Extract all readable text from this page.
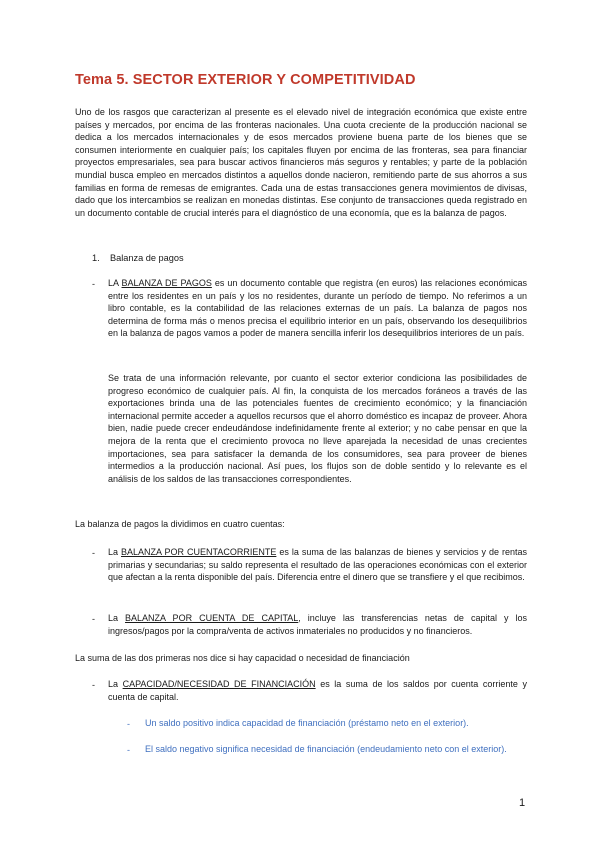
Tema 5. SECTOR EXTERIOR Y COMPETITIVIDAD

Uno de los rasgos que caracterizan al presente es el elevado nivel de integración económica que existe entre países y mercados, por encima de las fronteras nacionales. Una cuota creciente de la producción nacional se dedica a los mercados internacionales y de esos mercados proviene buena parte de los bienes que se consumen interiormente en cualquier país; los capitales fluyen por encima de las fronteras, sea para financiar proyectos empresariales, sea para buscar activos financieros más seguros y rentables; y parte de la población mundial busca empleo en mercados distintos a aquellos donde nacieron, remitiendo parte de sus ahorros a sus familias en forma de remesas de emigrantes. Cada una de estas transacciones genera movimientos de divisas, dado que los intercambios se realizan en monedas distintas. Ese conjunto de transacciones queda registrado en un documento contable de crucial interés para el diagnóstico de una economía, que es la balanza de pagos.

1. Balanza de pagos
- LA BALANZA DE PAGOS es un documento contable que registra (en euros) las relaciones económicas entre los residentes en un país y los no residentes, durante un período de tiempo. No referimos a un libro contable, es la contabilidad de las relaciones externas de un país. La balanza de pagos nos determina de forma más o menos precisa el equilibrio interior en un país, observando los desequilibrios en la balanza de pagos vamos a poder de manera sencilla inferir los desequilibrios interiores de un país.

Se trata de una información relevante, por cuanto el sector exterior condiciona las posibilidades de progreso económico de cualquier país. Al fin, la conquista de los mercados foráneos a través de las exportaciones brinda una de las potenciales fuentes de crecimiento económico; y la financiación internacional permite acceder a aquellos recursos que el ahorro doméstico es incapaz de proveer. Ahora bien, nadie puede crecer endeudándose indefinidamente frente al exterior; y no cabe pensar en que la mejora de la renta que el crecimiento provoca no lleve aparejada la necesidad de unas crecientes importaciones, sea para satisfacer la demanda de los consumidores, sea para proveer de bienes intermedios a la producción nacional. Así pues, los flujos son de doble sentido y lo relevante es el análisis de los saldos de las transacciones correspondientes.

La balanza de pagos la dividimos en cuatro cuentas:

- La BALANZA POR CUENTACORRIENTE es la suma de las balanzas de bienes y servicios y de rentas primarias y secundarias; su saldo representa el resultado de las operaciones económicas con el exterior que afectan a la renta disponible del país. Diferencia entre el dinero que se transfiere y el que recibimos.

- La BALANZA POR CUENTA DE CAPITAL, incluye las transferencias netas de capital y los ingresos/pagos por la compra/venta de activos inmateriales no producidos y no financieros.

La suma de las dos primeras nos dice si hay capacidad o necesidad de financiación

- La CAPACIDAD/NECESIDAD DE FINANCIACIÓN es la suma de los saldos por cuenta corriente y cuenta de capital.

- Un saldo positivo indica capacidad de financiación (préstamo neto en el exterior).

- El saldo negativo significa necesidad de financiación (endeudamiento neto con el exterior).

1
